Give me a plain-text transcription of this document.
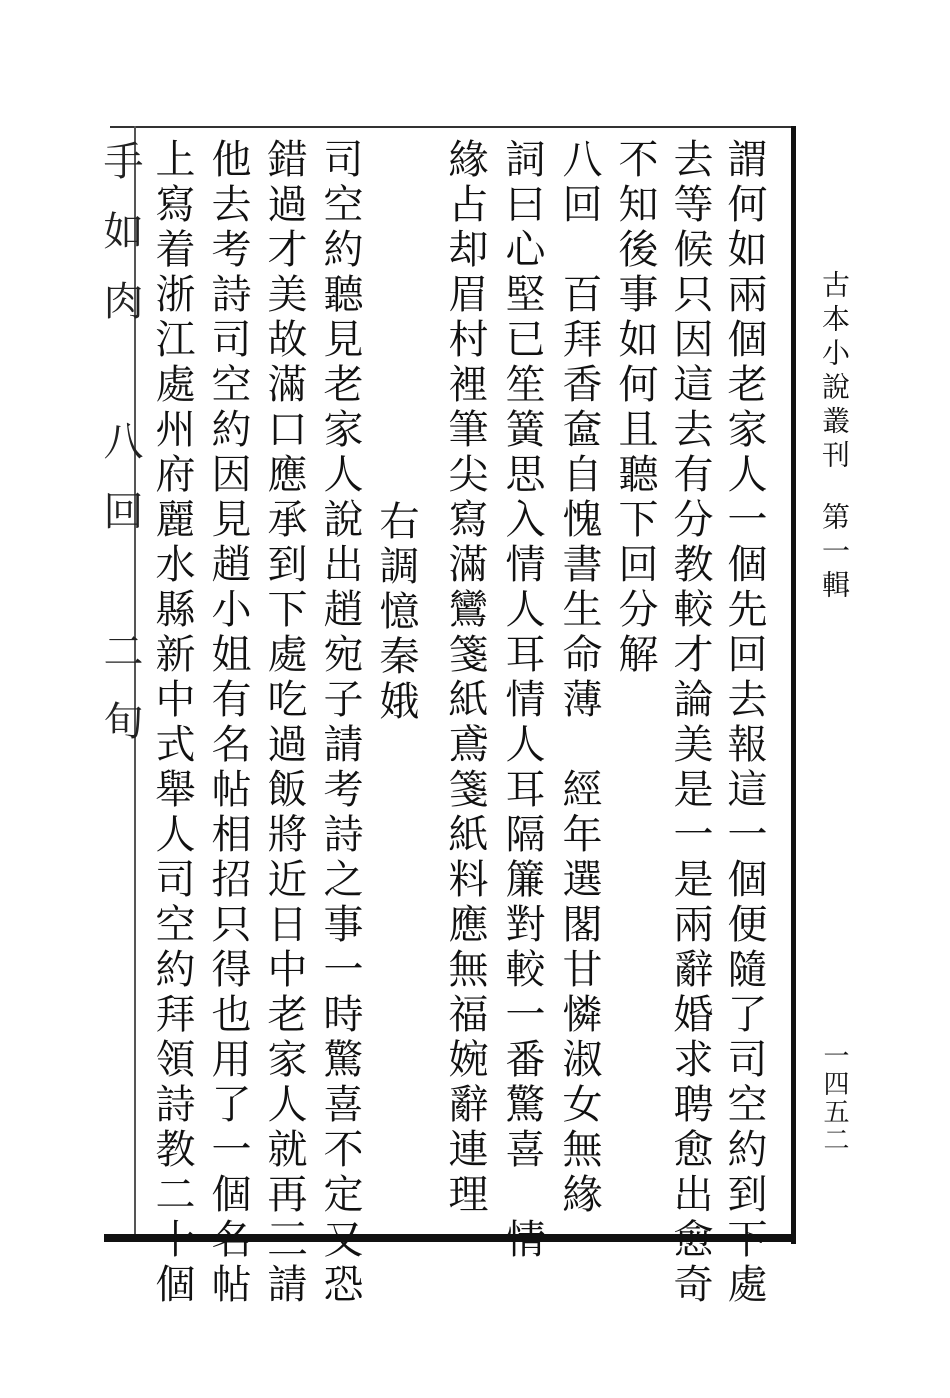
古本小說叢刊第一輯
一四五二
謂何如兩個老家人一個先回去報這一個便隨了司空約到下處
去等候只因這去有分教較才論美是一是兩辭婚求聘愈出愈奇
不知後事如何且聽下回分解
八回　百拜香奩自愧書生命薄　經年選閣甘憐淑女無緣
詞曰心堅已笙簧思入情人耳情人耳隔簾對較一番驚喜　情
緣占却眉村裡筆尖寫滿鸞箋紙鳶箋紙料應無福婉辭連理
右調憶秦娥
司空約聽見老家人說出趙宛子請考詩之事一時驚喜不定又恐
錯過才美故滿口應承到下處吃過飯將近日中老家人就再三請
他去考詩司空約因見趙小姐有名帖相招只得也用了一個名帖
上寫着浙江處州府麗水縣新中式舉人司空約拜領詩教二十個
手如肉　八回　二旬
